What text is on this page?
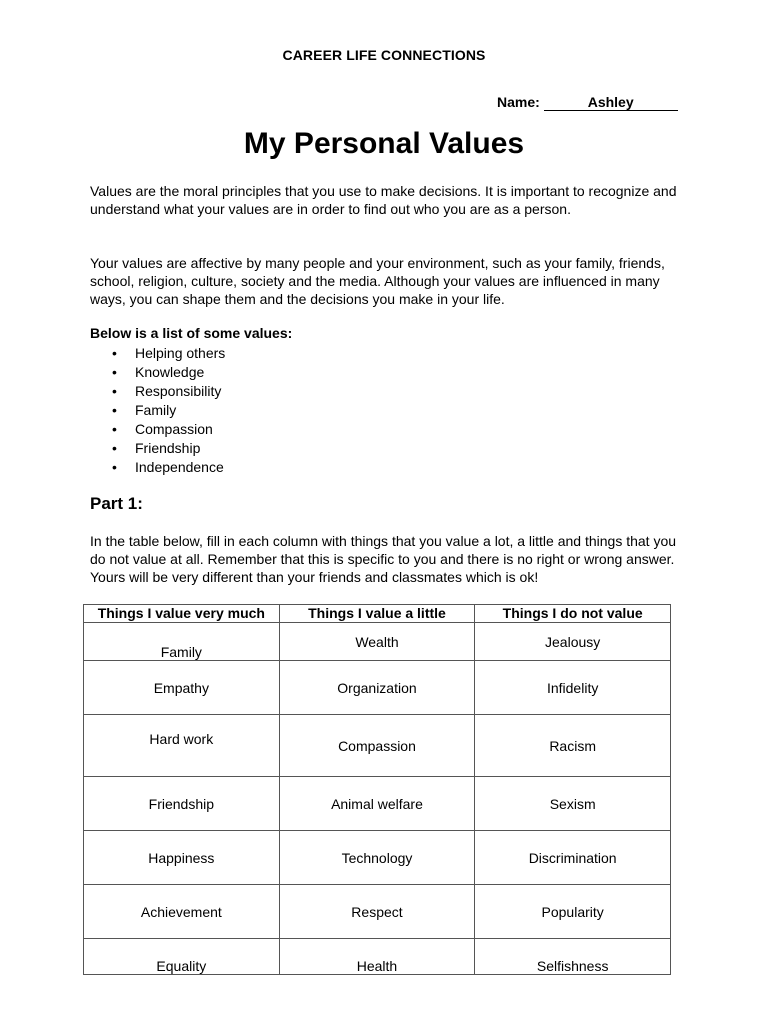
CAREER LIFE CONNECTIONS
Name:	Ashley
My Personal Values
Values are the moral principles that you use to make decisions. It is important to recognize and understand what your values are in order to find out who you are as a person.
Your values are affective by many people and your environment, such as your family, friends, school, religion, culture, society and the media. Although your values are influenced in many ways, you can shape them and the decisions you make in your life.
Below is a list of some values:
• Helping others
• Knowledge
• Responsibility
• Family
• Compassion
• Friendship
• Independence
Part 1:
In the table below, fill in each column with things that you value a lot, a little and things that you do not value at all. Remember that this is specific to you and there is no right or wrong answer. Yours will be very different than your friends and classmates which is ok!
Things I value very much	Things I value a little	Things I do not value
Family	Wealth	Jealousy
Empathy	Organization	Infidelity
Hard work	Compassion	Racism
Friendship	Animal welfare	Sexism
Happiness	Technology	Discrimination
Achievement	Respect	Popularity
Equality	Health	Selfishness
